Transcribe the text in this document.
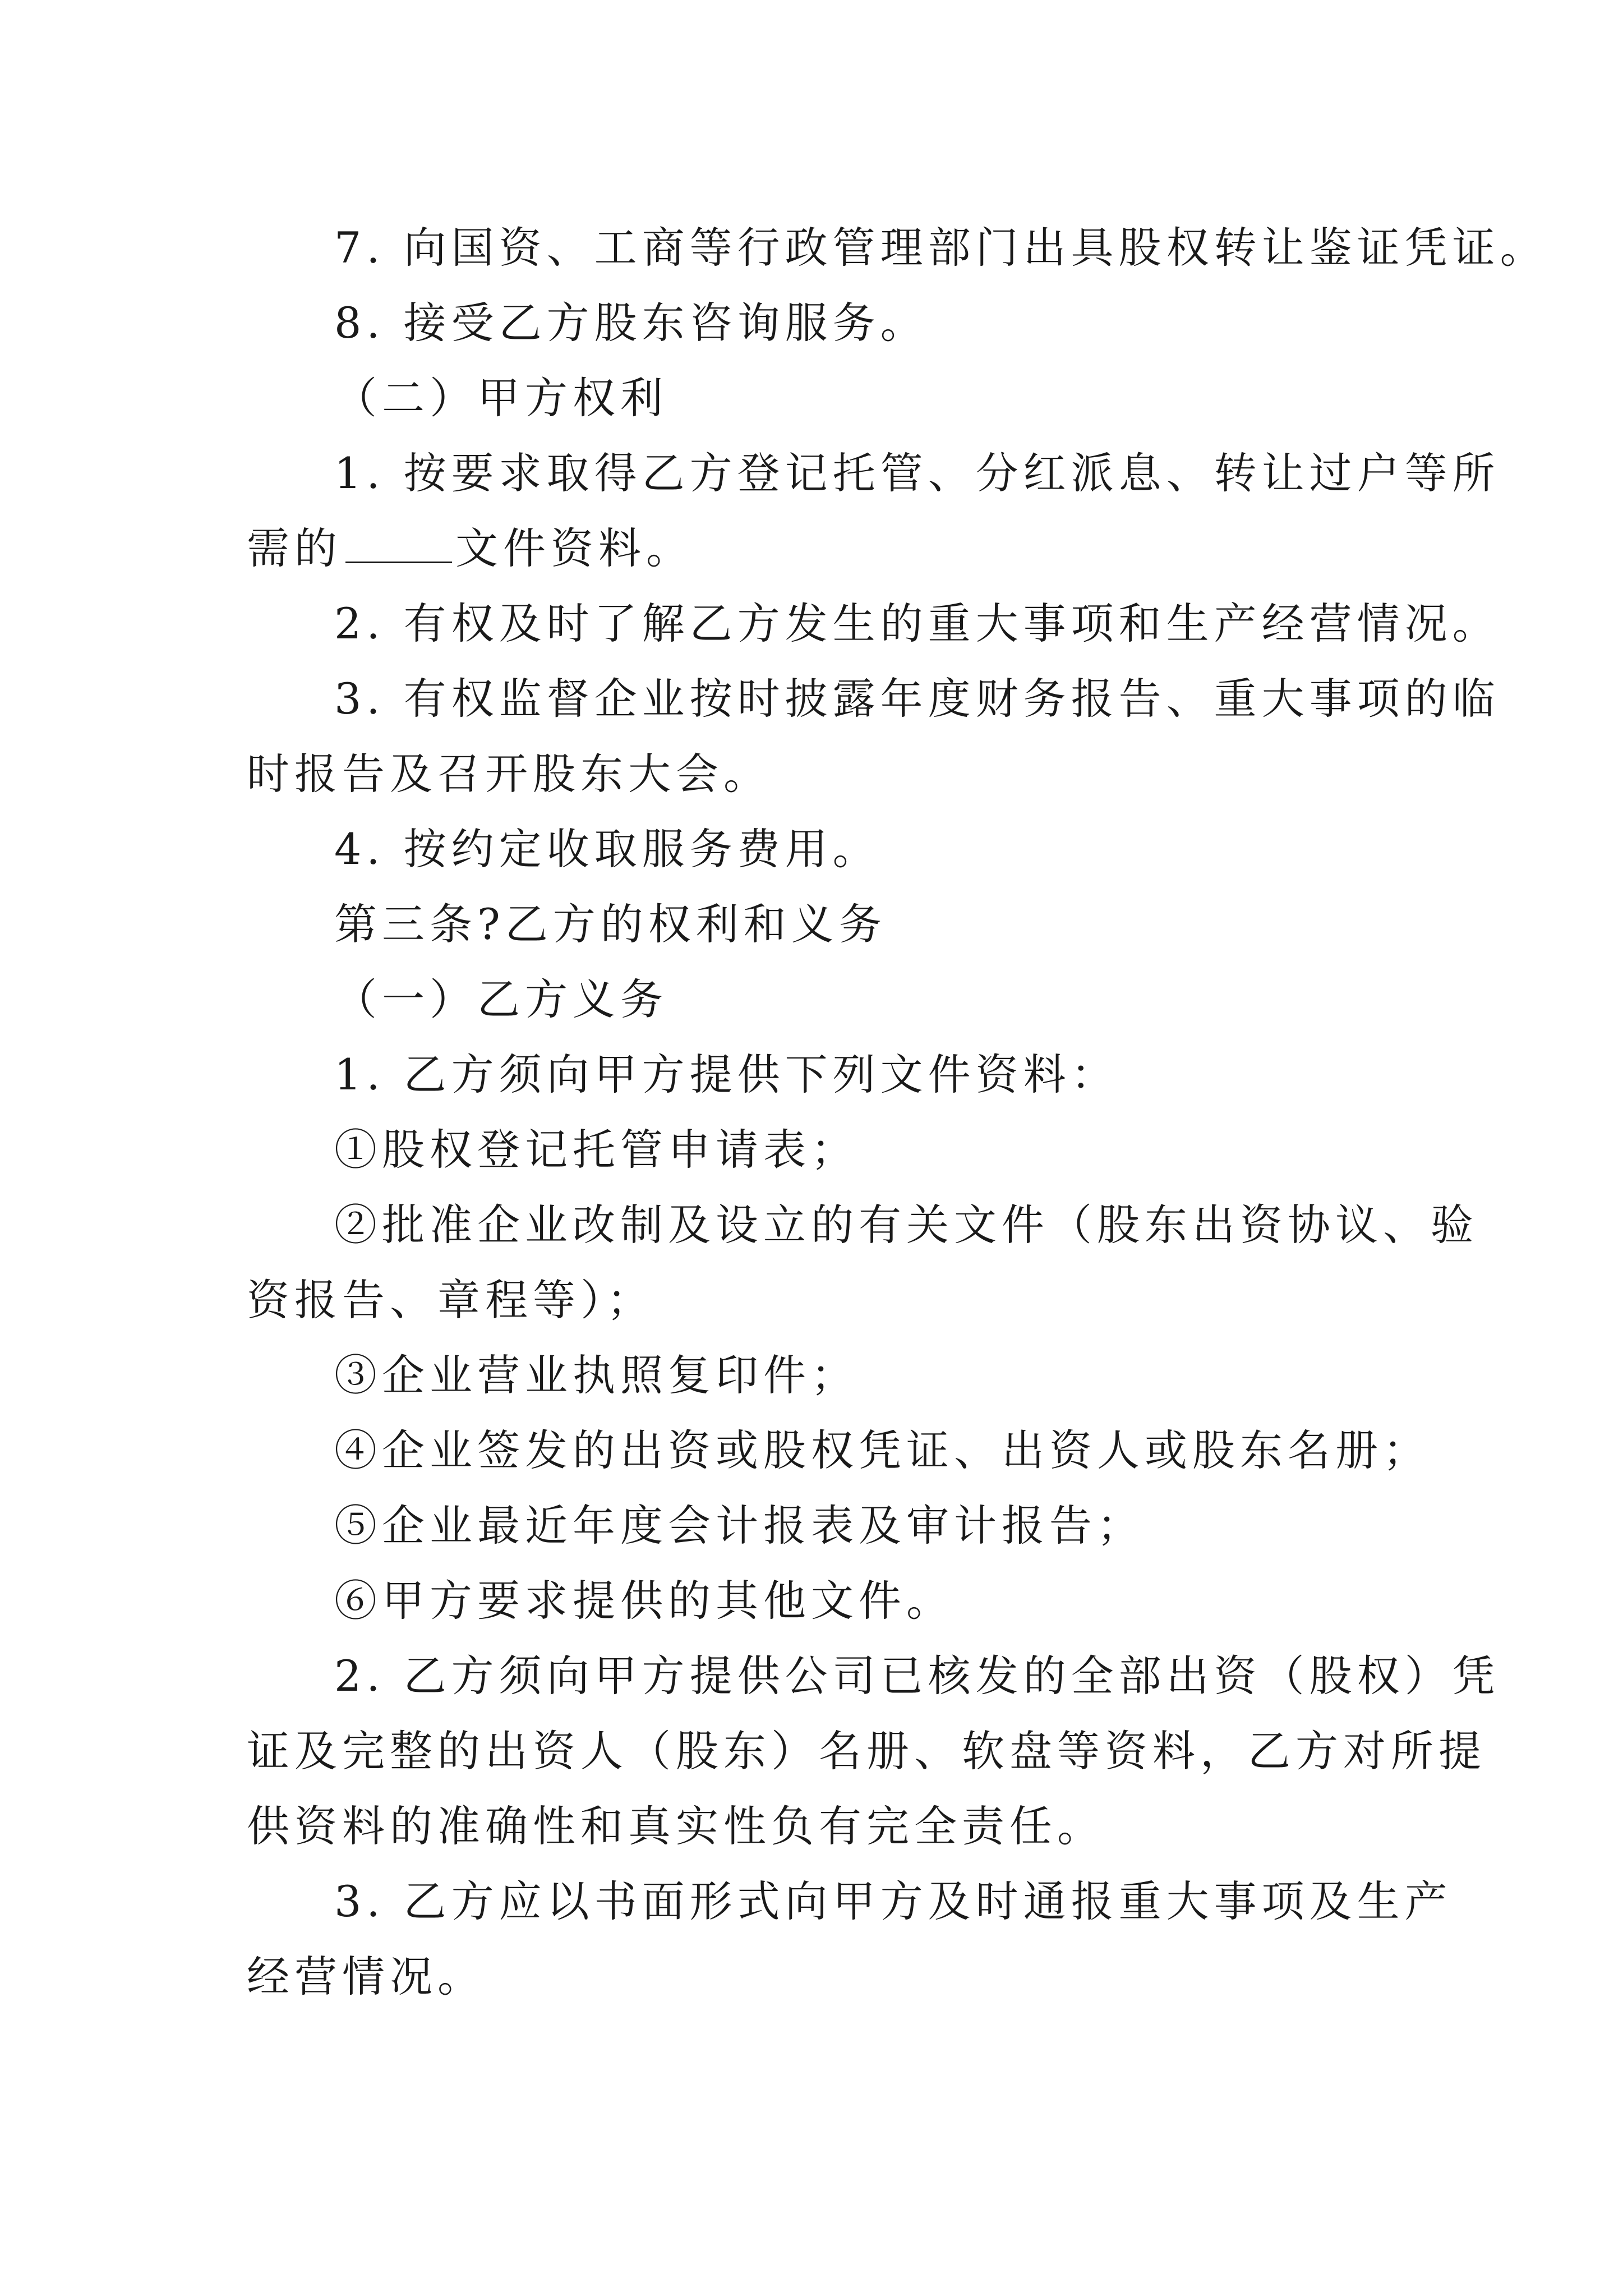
7. 向国资、工商等行政管理部门出具股权转让鉴证凭证。

8. 接受乙方股东咨询服务。

（二）甲方权利

1. 按要求取得乙方登记托管、分红派息、转让过户等所

需的	文件资料。

2. 有权及时了解乙方发生的重大事项和生产经营情况。

3. 有权监督企业按时披露年度财务报告、重大事项的临

时报告及召开股东大会。

4. 按约定收取服务费用。

第三条?乙方的权利和义务

（一）乙方义务

1. 乙方须向甲方提供下列文件资料：

①股权登记托管申请表；

②批准企业改制及设立的有关文件（股东出资协议、验

资报告、章程等）；

③企业营业执照复印件；

④企业签发的出资或股权凭证、出资人或股东名册；

⑤企业最近年度会计报表及审计报告；

⑥甲方要求提供的其他文件。

2. 乙方须向甲方提供公司已核发的全部出资（股权）凭

证及完整的出资人（股东）名册、软盘等资料，乙方对所提

供资料的准确性和真实性负有完全责任。

3. 乙方应以书面形式向甲方及时通报重大事项及生产

经营情况。
